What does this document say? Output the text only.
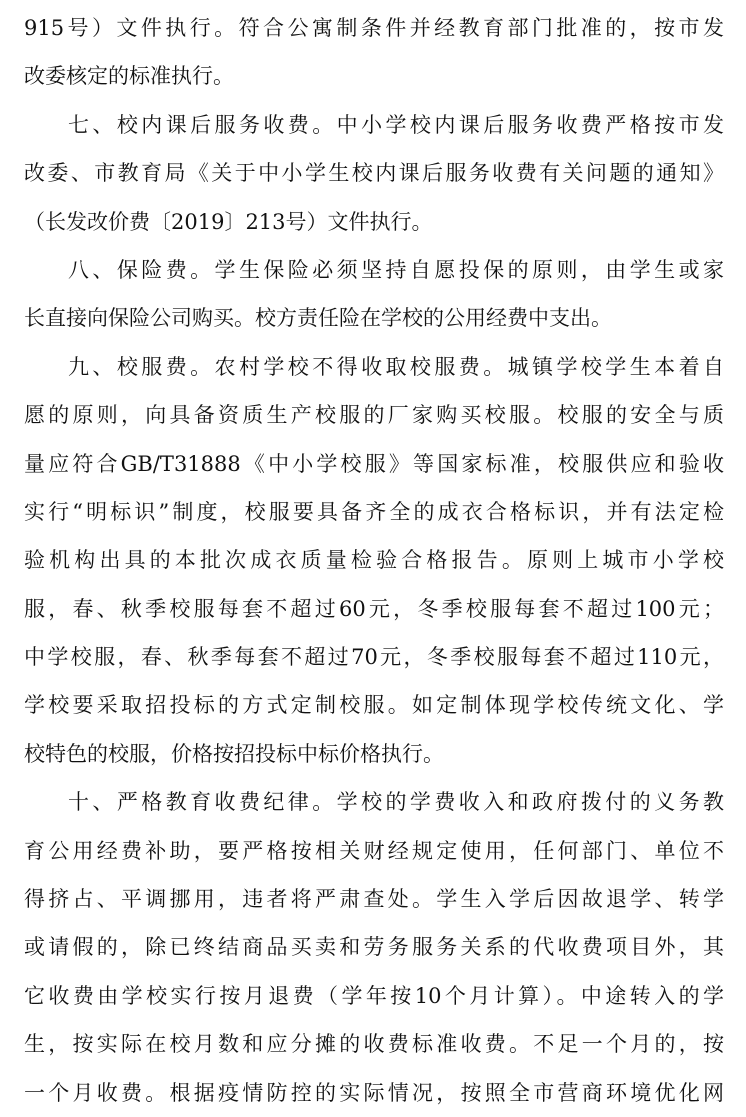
915号）文件执行。符合公寓制条件并经教育部门批准的，按市发
改委核定的标准执行。
七、校内课后服务收费。中小学校内课后服务收费严格按市发
改委、市教育局《关于中小学生校内课后服务收费有关问题的通知》
（长发改价费〔2019〕213号）文件执行。
八、保险费。学生保险必须坚持自愿投保的原则，由学生或家
长直接向保险公司购买。校方责任险在学校的公用经费中支出。
九、校服费。农村学校不得收取校服费。城镇学校学生本着自
愿的原则，向具备资质生产校服的厂家购买校服。校服的安全与质
量应符合GB/T31888《中小学校服》等国家标准，校服供应和验收
实行“明标识”制度，校服要具备齐全的成衣合格标识，并有法定检
验机构出具的本批次成衣质量检验合格报告。原则上城市小学校
服，春、秋季校服每套不超过60元，冬季校服每套不超过100元；
中学校服，春、秋季每套不超过70元，冬季校服每套不超过110元，
学校要采取招投标的方式定制校服。如定制体现学校传统文化、学
校特色的校服，价格按招投标中标价格执行。
十、严格教育收费纪律。学校的学费收入和政府拨付的义务教
育公用经费补助，要严格按相关财经规定使用，任何部门、单位不
得挤占、平调挪用，违者将严肃查处。学生入学后因故退学、转学
或请假的，除已终结商品买卖和劳务服务关系的代收费项目外，其
它收费由学校实行按月退费（学年按10个月计算）。中途转入的学
生，按实际在校月数和应分摊的收费标准收费。不足一个月的，按
一个月收费。根据疫情防控的实际情况，按照全市营商环境优化网
